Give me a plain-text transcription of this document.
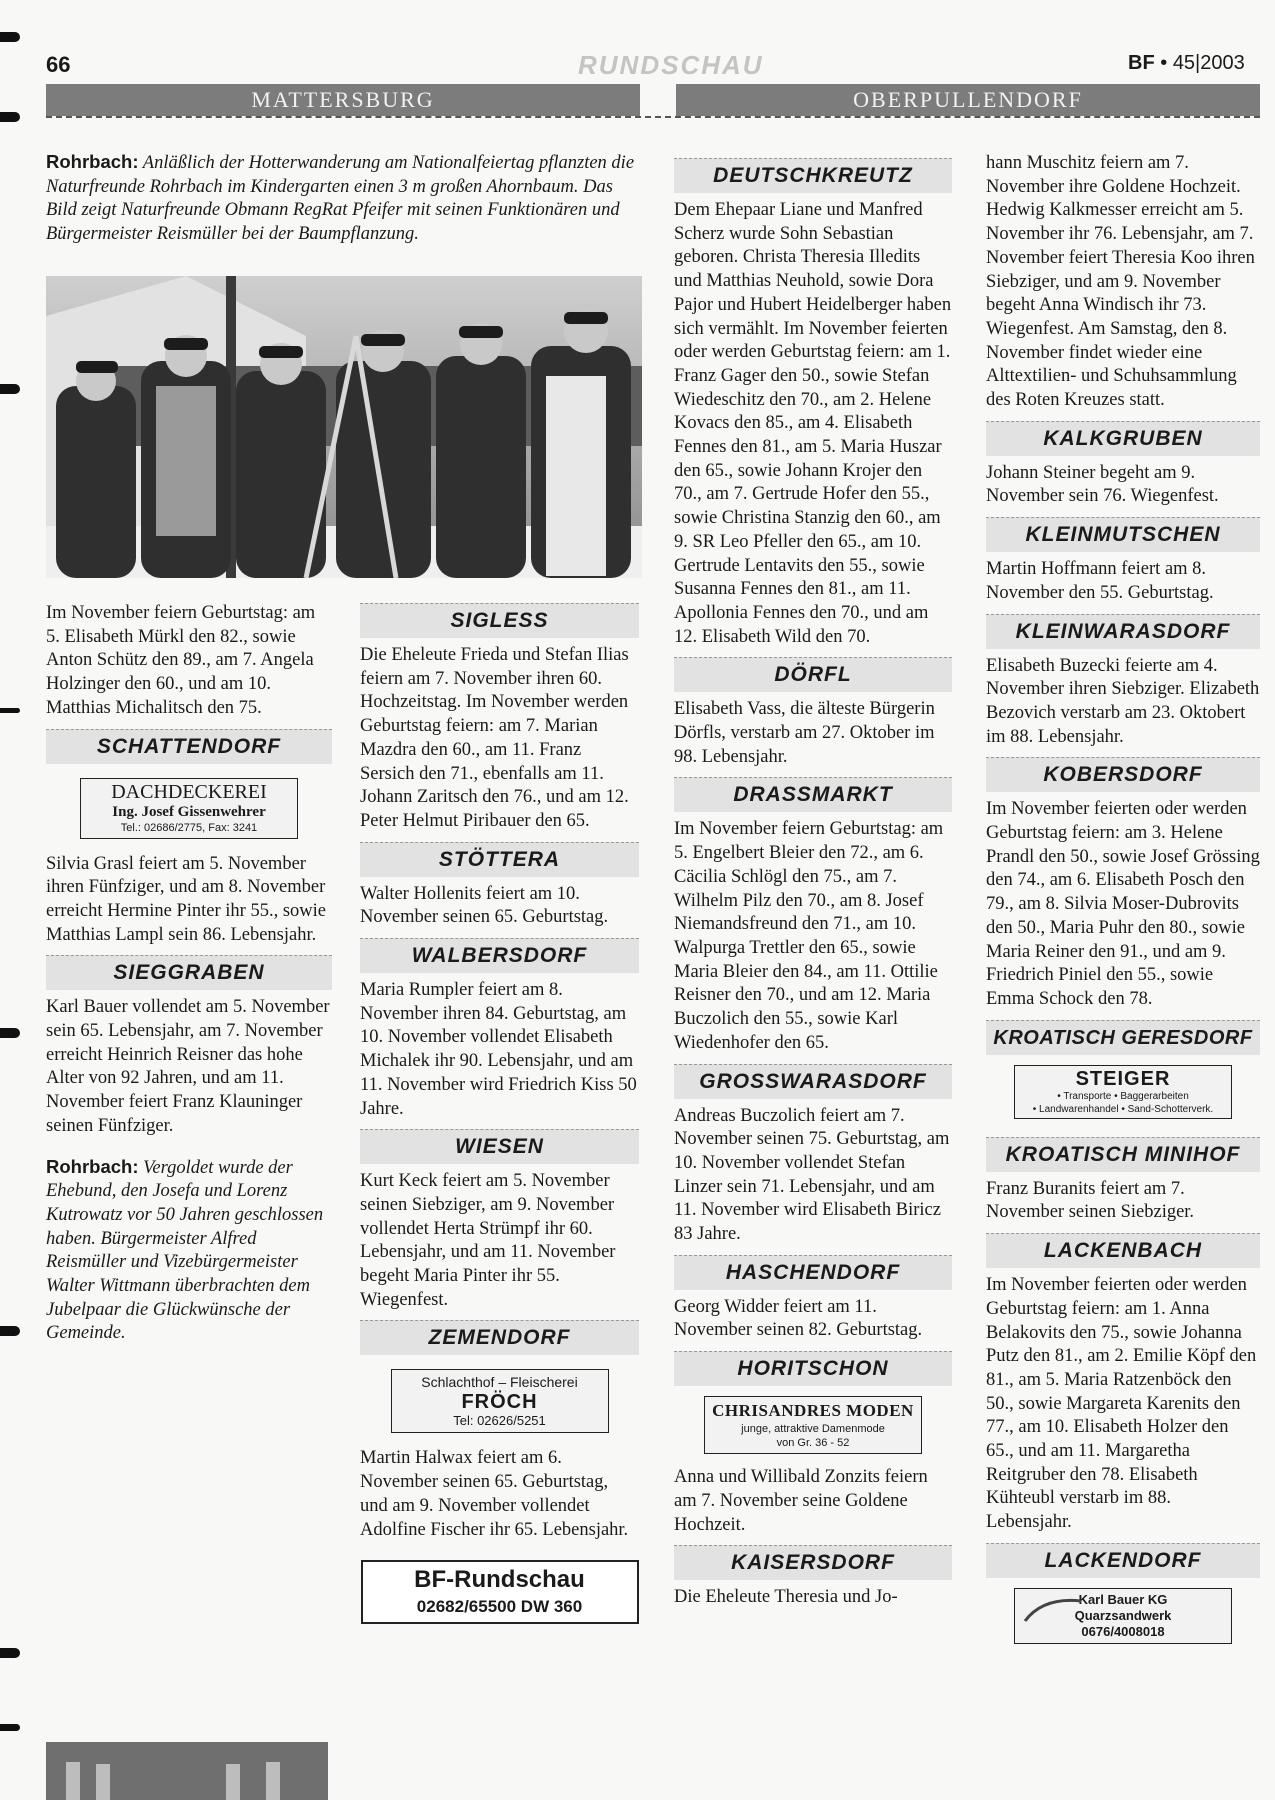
66	RUNDSCHAU	BF • 45|2003
MATTERSBURG	OBERPULLENDORF

Rohrbach: Anläßlich der Hotterwanderung am Nationalfeiertag pflanzten die Naturfreunde Rohrbach im Kindergarten einen 3 m großen Ahornbaum. Das Bild zeigt Naturfreunde Obmann RegRat Pfeifer mit seinen Funktionären und Bürgermeister Reismüller bei der Baumpflanzung.

Im November feiern Geburtstag: am 5. Elisabeth Mürkl den 82., sowie Anton Schütz den 89., am 7. Angela Holzinger den 60., und am 10. Matthias Michalitsch den 75.

SCHATTENDORF
DACHDECKEREI
Ing. Josef Gissenwehrer
Tel.: 02686/2775, Fax: 3241

Silvia Grasl feiert am 5. November ihren Fünfziger, und am 8. November erreicht Hermine Pinter ihr 55., sowie Matthias Lampl sein 86. Lebensjahr.

SIEGGRABEN

Karl Bauer vollendet am 5. November sein 65. Lebensjahr, am 7. November erreicht Heinrich Reisner das hohe Alter von 92 Jahren, und am 11. November feiert Franz Klauninger seinen Fünfziger.

Rohrbach: Vergoldet wurde der Ehebund, den Josefa und Lorenz Kutrowatz vor 50 Jahren geschlossen haben. Bürgermeister Alfred Reismüller und Vizebürgermeister Walter Wittmann überbrachten dem Jubelpaar die Glückwünsche der Gemeinde.

SIGLESS

Die Eheleute Frieda und Stefan Ilias feiern am 7. November ihren 60. Hochzeitstag. Im November werden Geburtstag feiern: am 7. Marian Mazdra den 60., am 11. Franz Sersich den 71., ebenfalls am 11. Johann Zaritsch den 76., und am 12. Peter Helmut Piribauer den 65.

STÖTTERA

Walter Hollenits feiert am 10. November seinen 65. Geburtstag.

WALBERSDORF

Maria Rumpler feiert am 8. November ihren 84. Geburtstag, am 10. November vollendet Elisabeth Michalek ihr 90. Lebensjahr, und am 11. November wird Friedrich Kiss 50 Jahre.

WIESEN

Kurt Keck feiert am 5. November seinen Siebziger, am 9. November vollendet Herta Strümpf ihr 60. Lebensjahr, und am 11. November begeht Maria Pinter ihr 55. Wiegenfest.

ZEMENDORF
Schlachthof – Fleischerei
FRÖCH
Tel: 02626/5251

Martin Halwax feiert am 6. November seinen 65. Geburtstag, und am 9. November vollendet Adolfine Fischer ihr 65. Lebensjahr.

BF-Rundschau
02682/65500 DW 360
DEUTSCHKREUTZ

Dem Ehepaar Liane und Manfred Scherz wurde Sohn Sebastian geboren. Christa Theresia Illedits und Matthias Neuhold, sowie Dora Pajor und Hubert Heidelberger haben sich vermählt. Im November feierten oder werden Geburtstag feiern: am 1. Franz Gager den 50., sowie Stefan Wiedeschitz den 70., am 2. Helene Kovacs den 85., am 4. Elisabeth Fennes den 81., am 5. Maria Huszar den 65., sowie Johann Krojer den 70., am 7. Gertrude Hofer den 55., sowie Christina Stanzig den 60., am 9. SR Leo Pfeller den 65., am 10. Gertrude Lentavits den 55., sowie Susanna Fennes den 81., am 11. Apollonia Fennes den 70., und am 12. Elisabeth Wild den 70.

DÖRFL

Elisabeth Vass, die älteste Bürgerin Dörfls, verstarb am 27. Oktober im 98. Lebensjahr.

DRASSMARKT

Im November feiern Geburtstag: am 5. Engelbert Bleier den 72., am 6. Cäcilia Schlögl den 75., am 7. Wilhelm Pilz den 70., am 8. Josef Niemandsfreund den 71., am 10. Walpurga Trettler den 65., sowie Maria Bleier den 84., am 11. Ottilie Reisner den 70., und am 12. Maria Buczolich den 55., sowie Karl Wiedenhofer den 65.

GROSSWARASDORF

Andreas Buczolich feiert am 7. November seinen 75. Geburtstag, am 10. November vollendet Stefan Linzer sein 71. Lebensjahr, und am 11. November wird Elisabeth Biricz 83 Jahre.

HASCHENDORF

Georg Widder feiert am 11. November seinen 82. Geburtstag.

HORITSCHON
CHRISANDRES MODEN
junge, attraktive Damenmode
von Gr. 36 - 52

Anna und Willibald Zonzits feiern am 7. November seine Goldene Hochzeit.

KAISERSDORF

Die Eheleute Theresia und Jo-

hann Muschitz feiern am 7. November ihre Goldene Hochzeit. Hedwig Kalkmesser erreicht am 5. November ihr 76. Lebensjahr, am 7. November feiert Theresia Koo ihren Siebziger, und am 9. November begeht Anna Windisch ihr 73. Wiegenfest. Am Samstag, den 8. November findet wieder eine Alttextilien- und Schuhsammlung des Roten Kreuzes statt.

KALKGRUBEN

Johann Steiner begeht am 9. November sein 76. Wiegenfest.

KLEINMUTSCHEN

Martin Hoffmann feiert am 8. November den 55. Geburtstag.

KLEINWARASDORF

Elisabeth Buzecki feierte am 4. November ihren Siebziger. Elizabeth Bezovich verstarb am 23. Oktobert im 88. Lebensjahr.

KOBERSDORF

Im November feierten oder werden Geburtstag feiern: am 3. Helene Prandl den 50., sowie Josef Grössing den 74., am 6. Elisabeth Posch den 79., am 8. Silvia Moser-Dubrovits den 50., Maria Puhr den 80., sowie Maria Reiner den 91., und am 9. Friedrich Piniel den 55., sowie Emma Schock den 78.

KROATISCH GERESDORF
STEIGER
• Transporte • Baggerarbeiten
• Landwarenhandel • Sand-Schotterverk.
KROATISCH MINIHOF

Franz Buranits feiert am 7. November seinen Siebziger.

LACKENBACH

Im November feierten oder werden Geburtstag feiern: am 1. Anna Belakovits den 75., sowie Johanna Putz den 81., am 2. Emilie Köpf den 81., am 5. Maria Ratzenböck den 50., sowie Margareta Karenits den 77., am 10. Elisabeth Holzer den 65., und am 11. Margaretha Reitgruber den 78. Elisabeth Kühteubl verstarb im 88. Lebensjahr.

LACKENDORF
Karl Bauer KG
Quarzsandwerk
0676/4008018
